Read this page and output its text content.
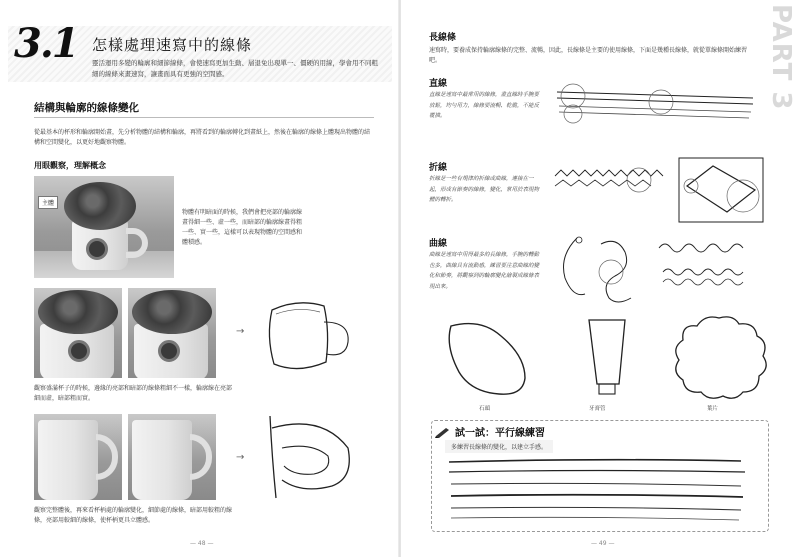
3.1 怎樣處理速寫中的線條
靈活運用多變的輪廓和細節線條，會使速寫更加生動、層退免出現單一、僵硬的用線，學會用不同粗細的線條來畫速寫，讓畫面具有更強的空間感。
結構與輪廓的線條變化
從最基本的杯形和輪廓開始畫，先分析物體的結構和輪廓，再將看到的輪廓轉化到畫紙上，然後在輪廓的線條上體現出物體的結構和空間變化，以更好地觀察物體。
用眼觀察，理解概念
主體
物體有明暗面的時候，我們會把亮部的輪廓線畫得細一些、虛一些，而暗部的輪廓線畫得粗一些、實一些，這樣可以表現物體的空間感和體積感。
→
觀察盛滿杯子的時候，邊緣的亮部和暗部的線條粗細不一樣，輪廓線在亮部細而虛，暗部粗而實。
→
觀察完整體後，再來看杯柄處的輪廓變化，細節處的線條，暗部用較粗的線條，亮部用較細的線條，使杯柄更具立體感。
— 48 —
PART 3
長線條
速寫時，要養成保持輪廓線條的完整、流暢，因此，長線條是主要的使用線條，下面是幾種長線條，就從單線條開始練習吧。
直線
直線是速寫中最常用的線條，畫直線時手腕要放鬆，均勻用力，線條要流暢、乾脆，不能反覆描。
折線
折線是一些有規律的折線或曲線，連接在一起，形成有節奏的線條，變化，常用於表現物體的轉折。
曲線
曲線是速寫中用得最多的長線條，手腕的轉動也多，曲線具有流動感，練習要注意曲線的變化和節奏，將觀察到的輪廓變化繪製成線條表現出來。
石頭	牙膏管	葉片
試一試：平行線練習
多練習長線條的變化，以建立手感。
— 49 —
